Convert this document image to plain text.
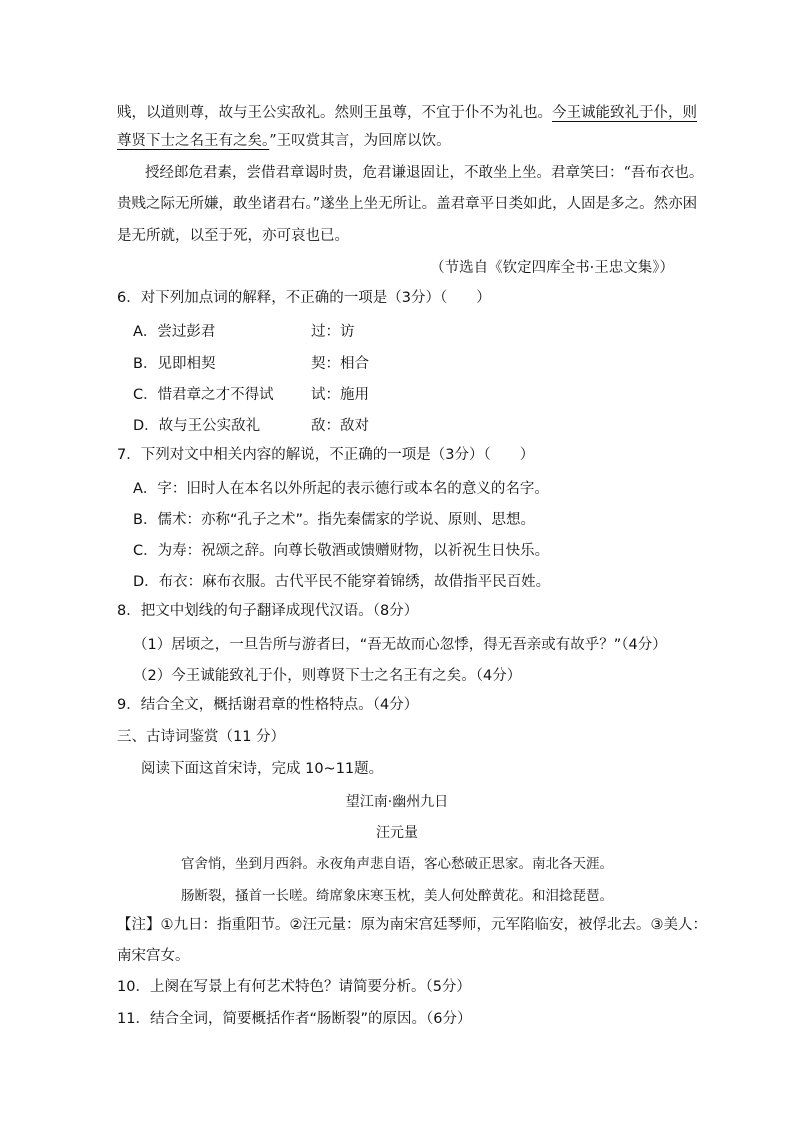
贱，以道则尊，故与王公实敌礼。然则王虽尊，不宜于仆不为礼也。今王诚能致礼于仆，则
尊贤下士之名王有之矣。”王叹赏其言，为回席以饮。
授经郎危君素，尝借君章谒时贵，危君谦退固让，不敢坐上坐。君章笑曰：“吾布衣也。
贵贱之际无所嫌，敢坐诸君右。”遂坐上坐无所让。盖君章平日类如此，人固是多之。然亦困
是无所就，以至于死，亦可哀也已。
（节选自《钦定四库全书·王忠文集》）
6．对下列加点词的解释，不正确的一项是（3分）（　　）
A．尝过彭君	过：访
B．见即相契	契：相合
C．惜君章之才不得试	试：施用
D．故与王公实敌礼	敌：敌对
7．下列对文中相关内容的解说，不正确的一项是（3分）（　　）
A．字：旧时人在本名以外所起的表示德行或本名的意义的名字。
B．儒术：亦称“孔子之术”。指先秦儒家的学说、原则、思想。
C．为寿：祝颂之辞。向尊长敬酒或馈赠财物，以祈祝生日快乐。
D．布衣：麻布衣服。古代平民不能穿着锦绣，故借指平民百姓。
8．把文中划线的句子翻译成现代汉语。（8分）
（1）居顷之，一旦告所与游者曰，“吾无故而心忽悸，得无吾亲或有故乎？”（4分）
（2）今王诚能致礼于仆，则尊贤下士之名王有之矣。（4分）
9．结合全文，概括谢君章的性格特点。（4分）
三、古诗词鉴赏（11 分）
阅读下面这首宋诗，完成 10~11题。
望江南·幽州九日
汪元量
官舍悄，坐到月西斜。永夜角声悲自语，客心愁破正思家。南北各天涯。
肠断裂，搔首一长嗟。绮席象床寒玉枕，美人何处醉黄花。和泪捻琵琶。
【注】①九日：指重阳节。②汪元量：原为南宋宫廷琴师，元军陷临安，被俘北去。③美人：
南宋宫女。
10．上阕在写景上有何艺术特色？请简要分析。（5分）
11．结合全词，简要概括作者“肠断裂”的原因。（6分）
